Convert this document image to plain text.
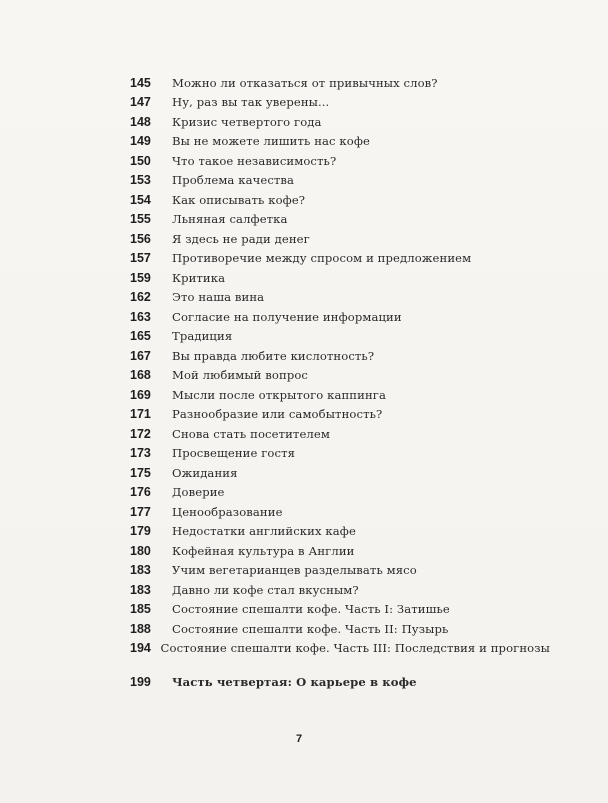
145	Можно ли отказаться от привычных слов?
147	Ну, раз вы так уверены...
148	Кризис четвертого года
149	Вы не можете лишить нас кофе
150	Что такое независимость?
153	Проблема качества
154	Как описывать кофе?
155	Льняная салфетка
156	Я здесь не ради денег
157	Противоречие между спросом и предложением
159	Критика
162	Это наша вина
163	Согласие на получение информации
165	Традиция
167	Вы правда любите кислотность?
168	Мой любимый вопрос
169	Мысли после открытого каппинга
171	Разнообразие или самобытность?
172	Снова стать посетителем
173	Просвещение гостя
175	Ожидания
176	Доверие
177	Ценообразование
179	Недостатки английских кафе
180	Кофейная культура в Англии
183	Учим вегетарианцев разделывать мясо
183	Давно ли кофе стал вкусным?
185	Состояние спешалти кофе. Часть I: Затишье
188	Состояние спешалти кофе. Часть II: Пузырь
194 Состояние спешалти кофе. Часть III: Последствия и прогнозы
199	Часть четвертая: О карьере в кофе
7
